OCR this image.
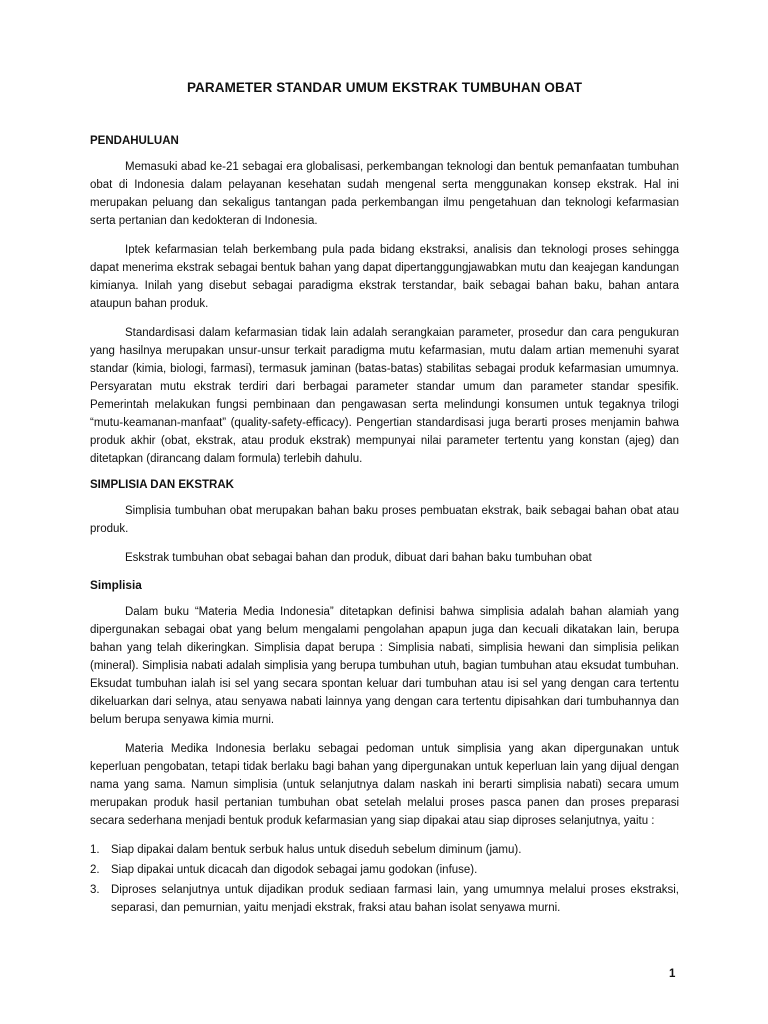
PARAMETER STANDAR UMUM EKSTRAK TUMBUHAN OBAT
PENDAHULUAN

Memasuki abad ke-21 sebagai era globalisasi, perkembangan teknologi dan bentuk pemanfaatan tumbuhan obat di Indonesia dalam pelayanan kesehatan sudah mengenal serta menggunakan konsep ekstrak. Hal ini merupakan peluang dan sekaligus tantangan pada perkembangan ilmu pengetahuan dan teknologi kefarmasian serta pertanian dan kedokteran di Indonesia.

Iptek kefarmasian telah berkembang pula pada bidang ekstraksi, analisis dan teknologi proses sehingga dapat menerima ekstrak sebagai bentuk bahan yang dapat dipertanggungjawabkan mutu dan keajegan kandungan kimianya. Inilah yang disebut sebagai paradigma ekstrak terstandar, baik sebagai bahan baku, bahan antara ataupun bahan produk.

Standardisasi dalam kefarmasian tidak lain adalah serangkaian parameter, prosedur dan cara pengukuran yang hasilnya merupakan unsur-unsur terkait paradigma mutu kefarmasian, mutu dalam artian memenuhi syarat standar (kimia, biologi, farmasi), termasuk jaminan (batas-batas) stabilitas sebagai produk kefarmasian umumnya. Persyaratan mutu ekstrak terdiri dari berbagai parameter standar umum dan parameter standar spesifik. Pemerintah melakukan fungsi pembinaan dan pengawasan serta melindungi konsumen untuk tegaknya trilogi “mutu-keamanan-manfaat” (quality-safety-efficacy). Pengertian standardisasi juga berarti proses menjamin bahwa produk akhir (obat, ekstrak, atau produk ekstrak) mempunyai nilai parameter tertentu yang konstan (ajeg) dan ditetapkan (dirancang dalam formula) terlebih dahulu.

SIMPLISIA DAN EKSTRAK

Simplisia tumbuhan obat merupakan bahan baku proses pembuatan ekstrak, baik sebagai bahan obat atau produk.

Eskstrak tumbuhan obat sebagai bahan dan produk, dibuat dari bahan baku tumbuhan obat

Simplisia

Dalam buku “Materia Media Indonesia” ditetapkan definisi bahwa simplisia adalah bahan alamiah yang dipergunakan sebagai obat yang belum mengalami pengolahan apapun juga dan kecuali dikatakan lain, berupa bahan yang telah dikeringkan. Simplisia dapat berupa : Simplisia nabati, simplisia hewani dan simplisia pelikan (mineral). Simplisia nabati adalah simplisia yang berupa tumbuhan utuh, bagian tumbuhan atau eksudat tumbuhan. Eksudat tumbuhan ialah isi sel yang secara spontan keluar dari tumbuhan atau isi sel yang dengan cara tertentu dikeluarkan dari selnya, atau senyawa nabati lainnya yang dengan cara tertentu dipisahkan dari tumbuhannya dan belum berupa senyawa kimia murni.

Materia Medika Indonesia berlaku sebagai pedoman untuk simplisia yang akan dipergunakan untuk keperluan pengobatan, tetapi tidak berlaku bagi bahan yang dipergunakan untuk keperluan lain yang dijual dengan nama yang sama. Namun simplisia (untuk selanjutnya dalam naskah ini berarti simplisia nabati) secara umum merupakan produk hasil pertanian tumbuhan obat setelah melalui proses pasca panen dan proses preparasi secara sederhana menjadi bentuk produk kefarmasian yang siap dipakai atau siap diproses selanjutnya, yaitu :

1. Siap dipakai dalam bentuk serbuk halus untuk diseduh sebelum diminum (jamu).
2. Siap dipakai untuk dicacah dan digodok sebagai jamu godokan (infuse).
3. Diproses selanjutnya untuk dijadikan produk sediaan farmasi lain, yang umumnya melalui proses ekstraksi, separasi, dan pemurnian, yaitu menjadi ekstrak, fraksi atau bahan isolat senyawa murni.
1
